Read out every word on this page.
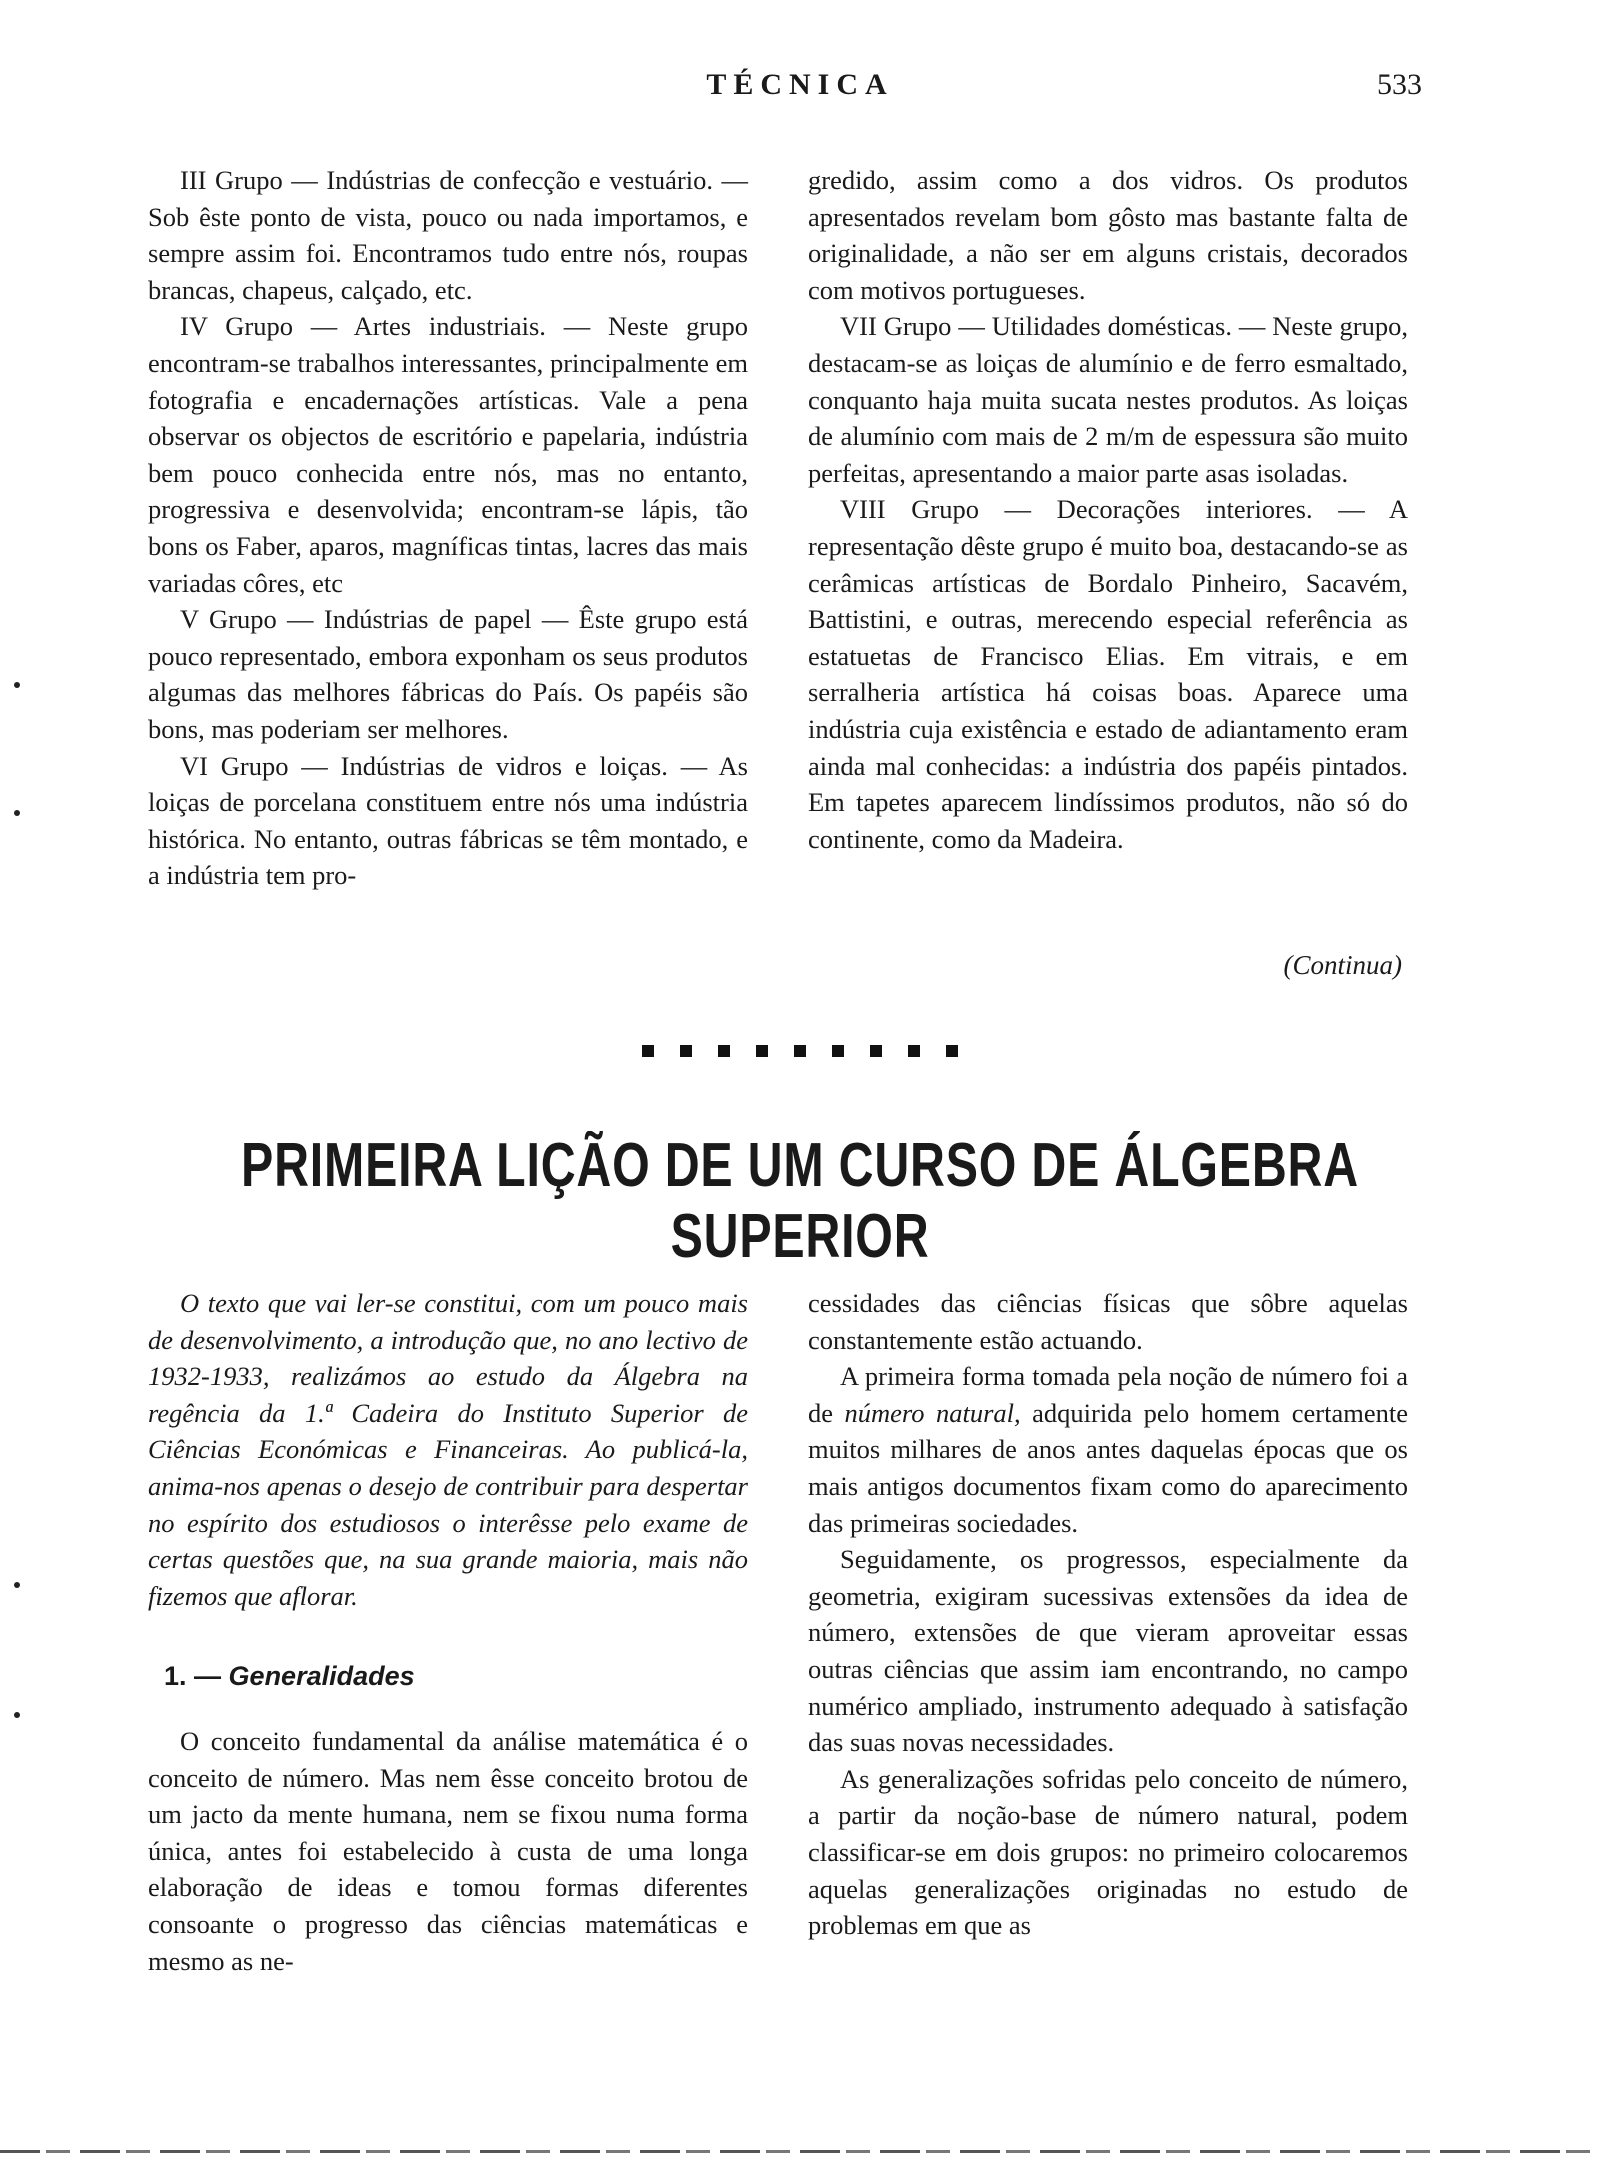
TÉCNICA	533

III Grupo — Indústrias de confecção e vestuário. — Sob êste ponto de vista, pouco ou nada importamos, e sempre assim foi. Encontramos tudo entre nós, roupas brancas, chapeus, calçado, etc.

IV Grupo — Artes industriais. — Neste grupo encontram-se trabalhos interessantes, principalmente em fotografia e encadernações artísticas. Vale a pena observar os objectos de escritório e papelaria, indústria bem pouco conhecida entre nós, mas no entanto, progressiva e desenvolvida; encontram-se lápis, tão bons os Faber, aparos, magníficas tintas, lacres das mais variadas côres, etc

V Grupo — Indústrias de papel — Êste grupo está pouco representado, embora exponham os seus produtos algumas das melhores fábricas do País. Os papéis são bons, mas poderiam ser melhores.

VI Grupo — Indústrias de vidros e loiças. — As loiças de porcelana constituem entre nós uma indústria histórica. No entanto, outras fábricas se têm montado, e a indústria tem pro-

gredido, assim como a dos vidros. Os produtos apresentados revelam bom gôsto mas bastante falta de originalidade, a não ser em alguns cristais, decorados com motivos portugueses.

VII Grupo — Utilidades domésticas. — Neste grupo, destacam-se as loiças de alumínio e de ferro esmaltado, conquanto haja muita sucata nestes produtos. As loiças de alumínio com mais de 2 m/m de espessura são muito perfeitas, apresentando a maior parte asas isoladas.

VIII Grupo — Decorações interiores. — A representação dêste grupo é muito boa, destacando-se as cerâmicas artísticas de Bordalo Pinheiro, Sacavém, Battistini, e outras, merecendo especial referência as estatuetas de Francisco Elias. Em vitrais, e em serralheria artística há coisas boas. Aparece uma indústria cuja existência e estado de adiantamento eram ainda mal conhecidas: a indústria dos papéis pintados. Em tapetes aparecem lindíssimos produtos, não só do continente, como da Madeira.

(Continua)
PRIMEIRA LIÇÃO DE UM CURSO DE ÁLGEBRA SUPERIOR

O texto que vai ler-se constitui, com um pouco mais de desenvolvimento, a introdução que, no ano lectivo de 1932-1933, realizámos ao estudo da Álgebra na regência da 1.ª Cadeira do Instituto Superior de Ciências Económicas e Financeiras. Ao publicá-la, anima-nos apenas o desejo de contribuir para despertar no espírito dos estudiosos o interêsse pelo exame de certas questões que, na sua grande maioria, mais não fizemos que aflorar.

1. — Generalidades

O conceito fundamental da análise matemática é o conceito de número. Mas nem êsse conceito brotou de um jacto da mente humana, nem se fixou numa forma única, antes foi estabelecido à custa de uma longa elaboração de ideas e tomou formas diferentes consoante o progresso das ciências matemáticas e mesmo as ne-

cessidades das ciências físicas que sôbre aquelas constantemente estão actuando.

A primeira forma tomada pela noção de número foi a de número natural, adquirida pelo homem certamente muitos milhares de anos antes daquelas épocas que os mais antigos documentos fixam como do aparecimento das primeiras sociedades.

Seguidamente, os progressos, especialmente da geometria, exigiram sucessivas extensões da idea de número, extensões de que vieram aproveitar essas outras ciências que assim iam encontrando, no campo numérico ampliado, instrumento adequado à satisfação das suas novas necessidades.

As generalizações sofridas pelo conceito de número, a partir da noção-base de número natural, podem classificar-se em dois grupos: no primeiro colocaremos aquelas generalizações originadas no estudo de problemas em que as
